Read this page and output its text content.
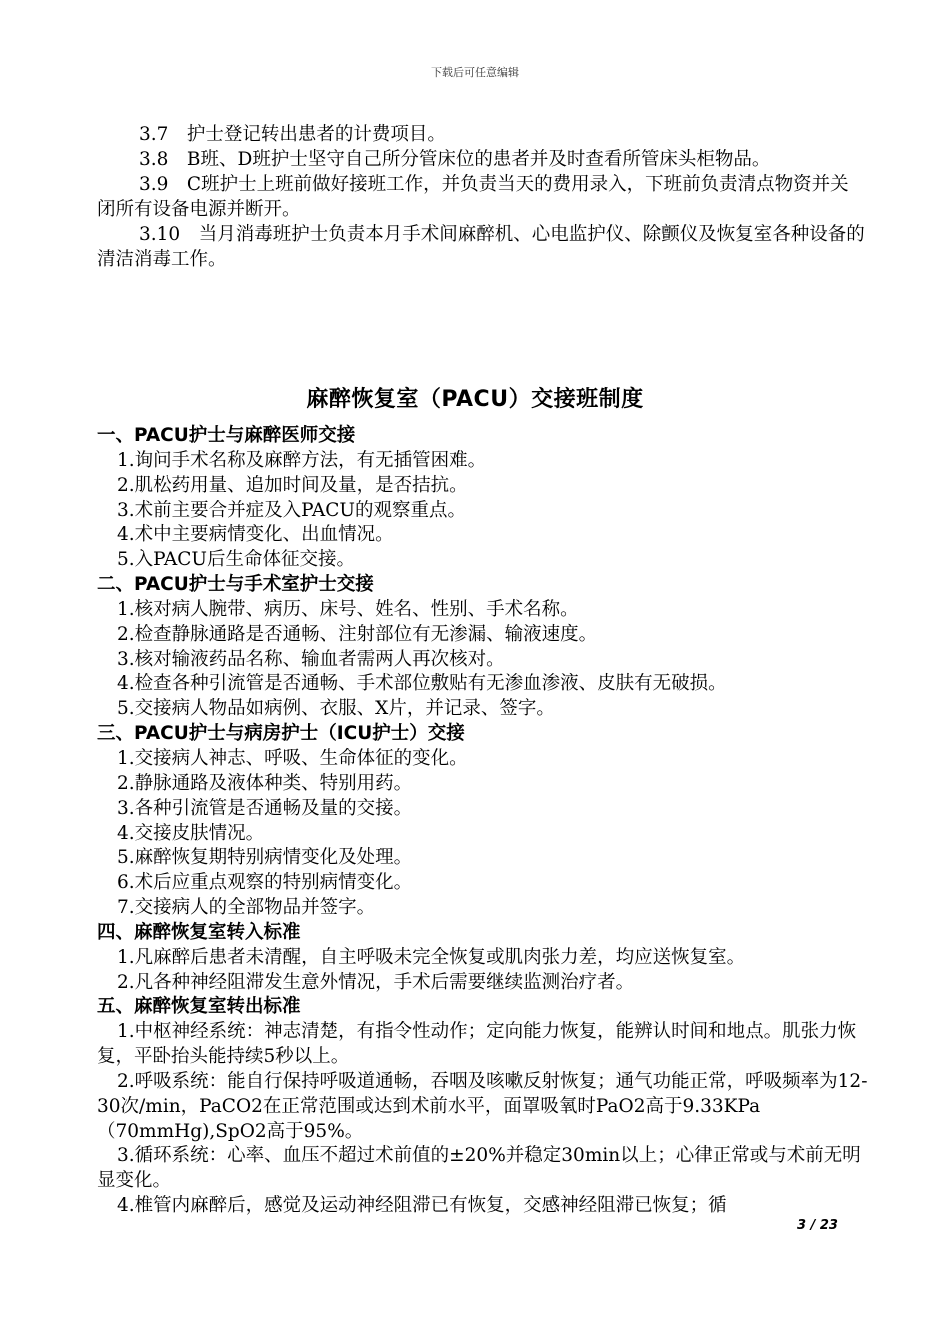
下载后可任意编辑

3.7　护士登记转出患者的计费项目。

3.8　B班、D班护士坚守自己所分管床位的患者并及时查看所管床头柜物品。

3.9　C班护士上班前做好接班工作，并负责当天的费用录入，下班前负责清点物资并关闭所有设备电源并断开。

3.10　当月消毒班护士负责本月手术间麻醉机、心电监护仪、除颤仪及恢复室各种设备的清洁消毒工作。

麻醉恢复室（PACU）交接班制度

一、PACU护士与麻醉医师交接

1.询问手术名称及麻醉方法，有无插管困难。

2.肌松药用量、追加时间及量，是否拮抗。

3.术前主要合并症及入PACU的观察重点。

4.术中主要病情变化、出血情况。

5.入PACU后生命体征交接。

二、PACU护士与手术室护士交接

1.核对病人腕带、病历、床号、姓名、性别、手术名称。

2.检查静脉通路是否通畅、注射部位有无渗漏、输液速度。

3.核对输液药品名称、输血者需两人再次核对。

4.检查各种引流管是否通畅、手术部位敷贴有无渗血渗液、皮肤有无破损。

5.交接病人物品如病例、衣服、X片，并记录、签字。

三、PACU护士与病房护士（ICU护士）交接

1.交接病人神志、呼吸、生命体征的变化。

2.静脉通路及液体种类、特别用药。

3.各种引流管是否通畅及量的交接。

4.交接皮肤情况。

5.麻醉恢复期特别病情变化及处理。

6.术后应重点观察的特别病情变化。

7.交接病人的全部物品并签字。

四、麻醉恢复室转入标准

1.凡麻醉后患者未清醒，自主呼吸未完全恢复或肌肉张力差，均应送恢复室。

2.凡各种神经阻滞发生意外情况，手术后需要继续监测治疗者。

五、麻醉恢复室转出标准

1.中枢神经系统：神志清楚，有指令性动作；定向能力恢复，能辨认时间和地点。肌张力恢复，平卧抬头能持续5秒以上。

2.呼吸系统：能自行保持呼吸道通畅，吞咽及咳嗽反射恢复；通气功能正常，呼吸频率为12-30次/min，PaCO2在正常范围或达到术前水平，面罩吸氧时PaO2高于9.33KPa（70mmHg),SpO2高于95%。

3.循环系统：心率、血压不超过术前值的±20%并稳定30min以上；心律正常或与术前无明显变化。

4.椎管内麻醉后，感觉及运动神经阻滞已有恢复，交感神经阻滞已恢复；循

3 / 23
